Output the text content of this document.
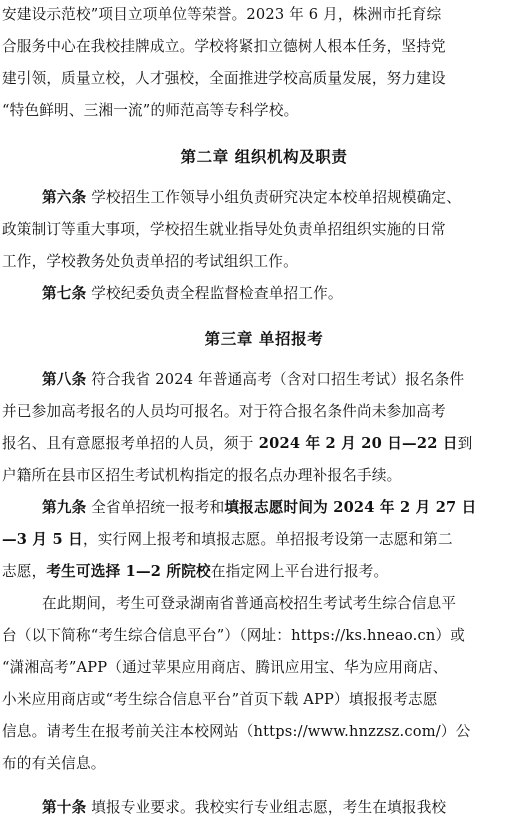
安建设示范校”项目立项单位等荣誉。2023 年 6 月，株洲市托育综
合服务中心在我校挂牌成立。学校将紧扣立德树人根本任务，坚持党
建引领，质量立校，人才强校，全面推进学校高质量发展，努力建设
“特色鲜明、三湘一流”的师范高等专科学校。
第二章 组织机构及职责
第六条 学校招生工作领导小组负责研究决定本校单招规模确定、
政策制订等重大事项，学校招生就业指导处负责单招组织实施的日常
工作，学校教务处负责单招的考试组织工作。
第七条 学校纪委负责全程监督检查单招工作。
第三章 单招报考
第八条 符合我省 2024 年普通高考（含对口招生考试）报名条件
并已参加高考报名的人员均可报名。对于符合报名条件尚未参加高考
报名、且有意愿报考单招的人员，须于 2024 年 2 月 20 日—22 日到
户籍所在县市区招生考试机构指定的报名点办理补报名手续。
第九条 全省单招统一报考和填报志愿时间为 2024 年 2 月 27 日
—3 月 5 日，实行网上报考和填报志愿。单招报考设第一志愿和第二
志愿，考生可选择 1—2 所院校在指定网上平台进行报考。
在此期间，考生可登录湖南省普通高校招生考试考生综合信息平
台（以下简称“考生综合信息平台”）（网址：https://ks.hneao.cn）或
“潇湘高考”APP（通过苹果应用商店、腾讯应用宝、华为应用商店、
小米应用商店或“考生综合信息平台”首页下载 APP）填报报考志愿
信息。请考生在报考前关注本校网站（https://www.hnzzsz.com/）公
布的有关信息。
第十条 填报专业要求。我校实行专业组志愿，考生在填报我校
